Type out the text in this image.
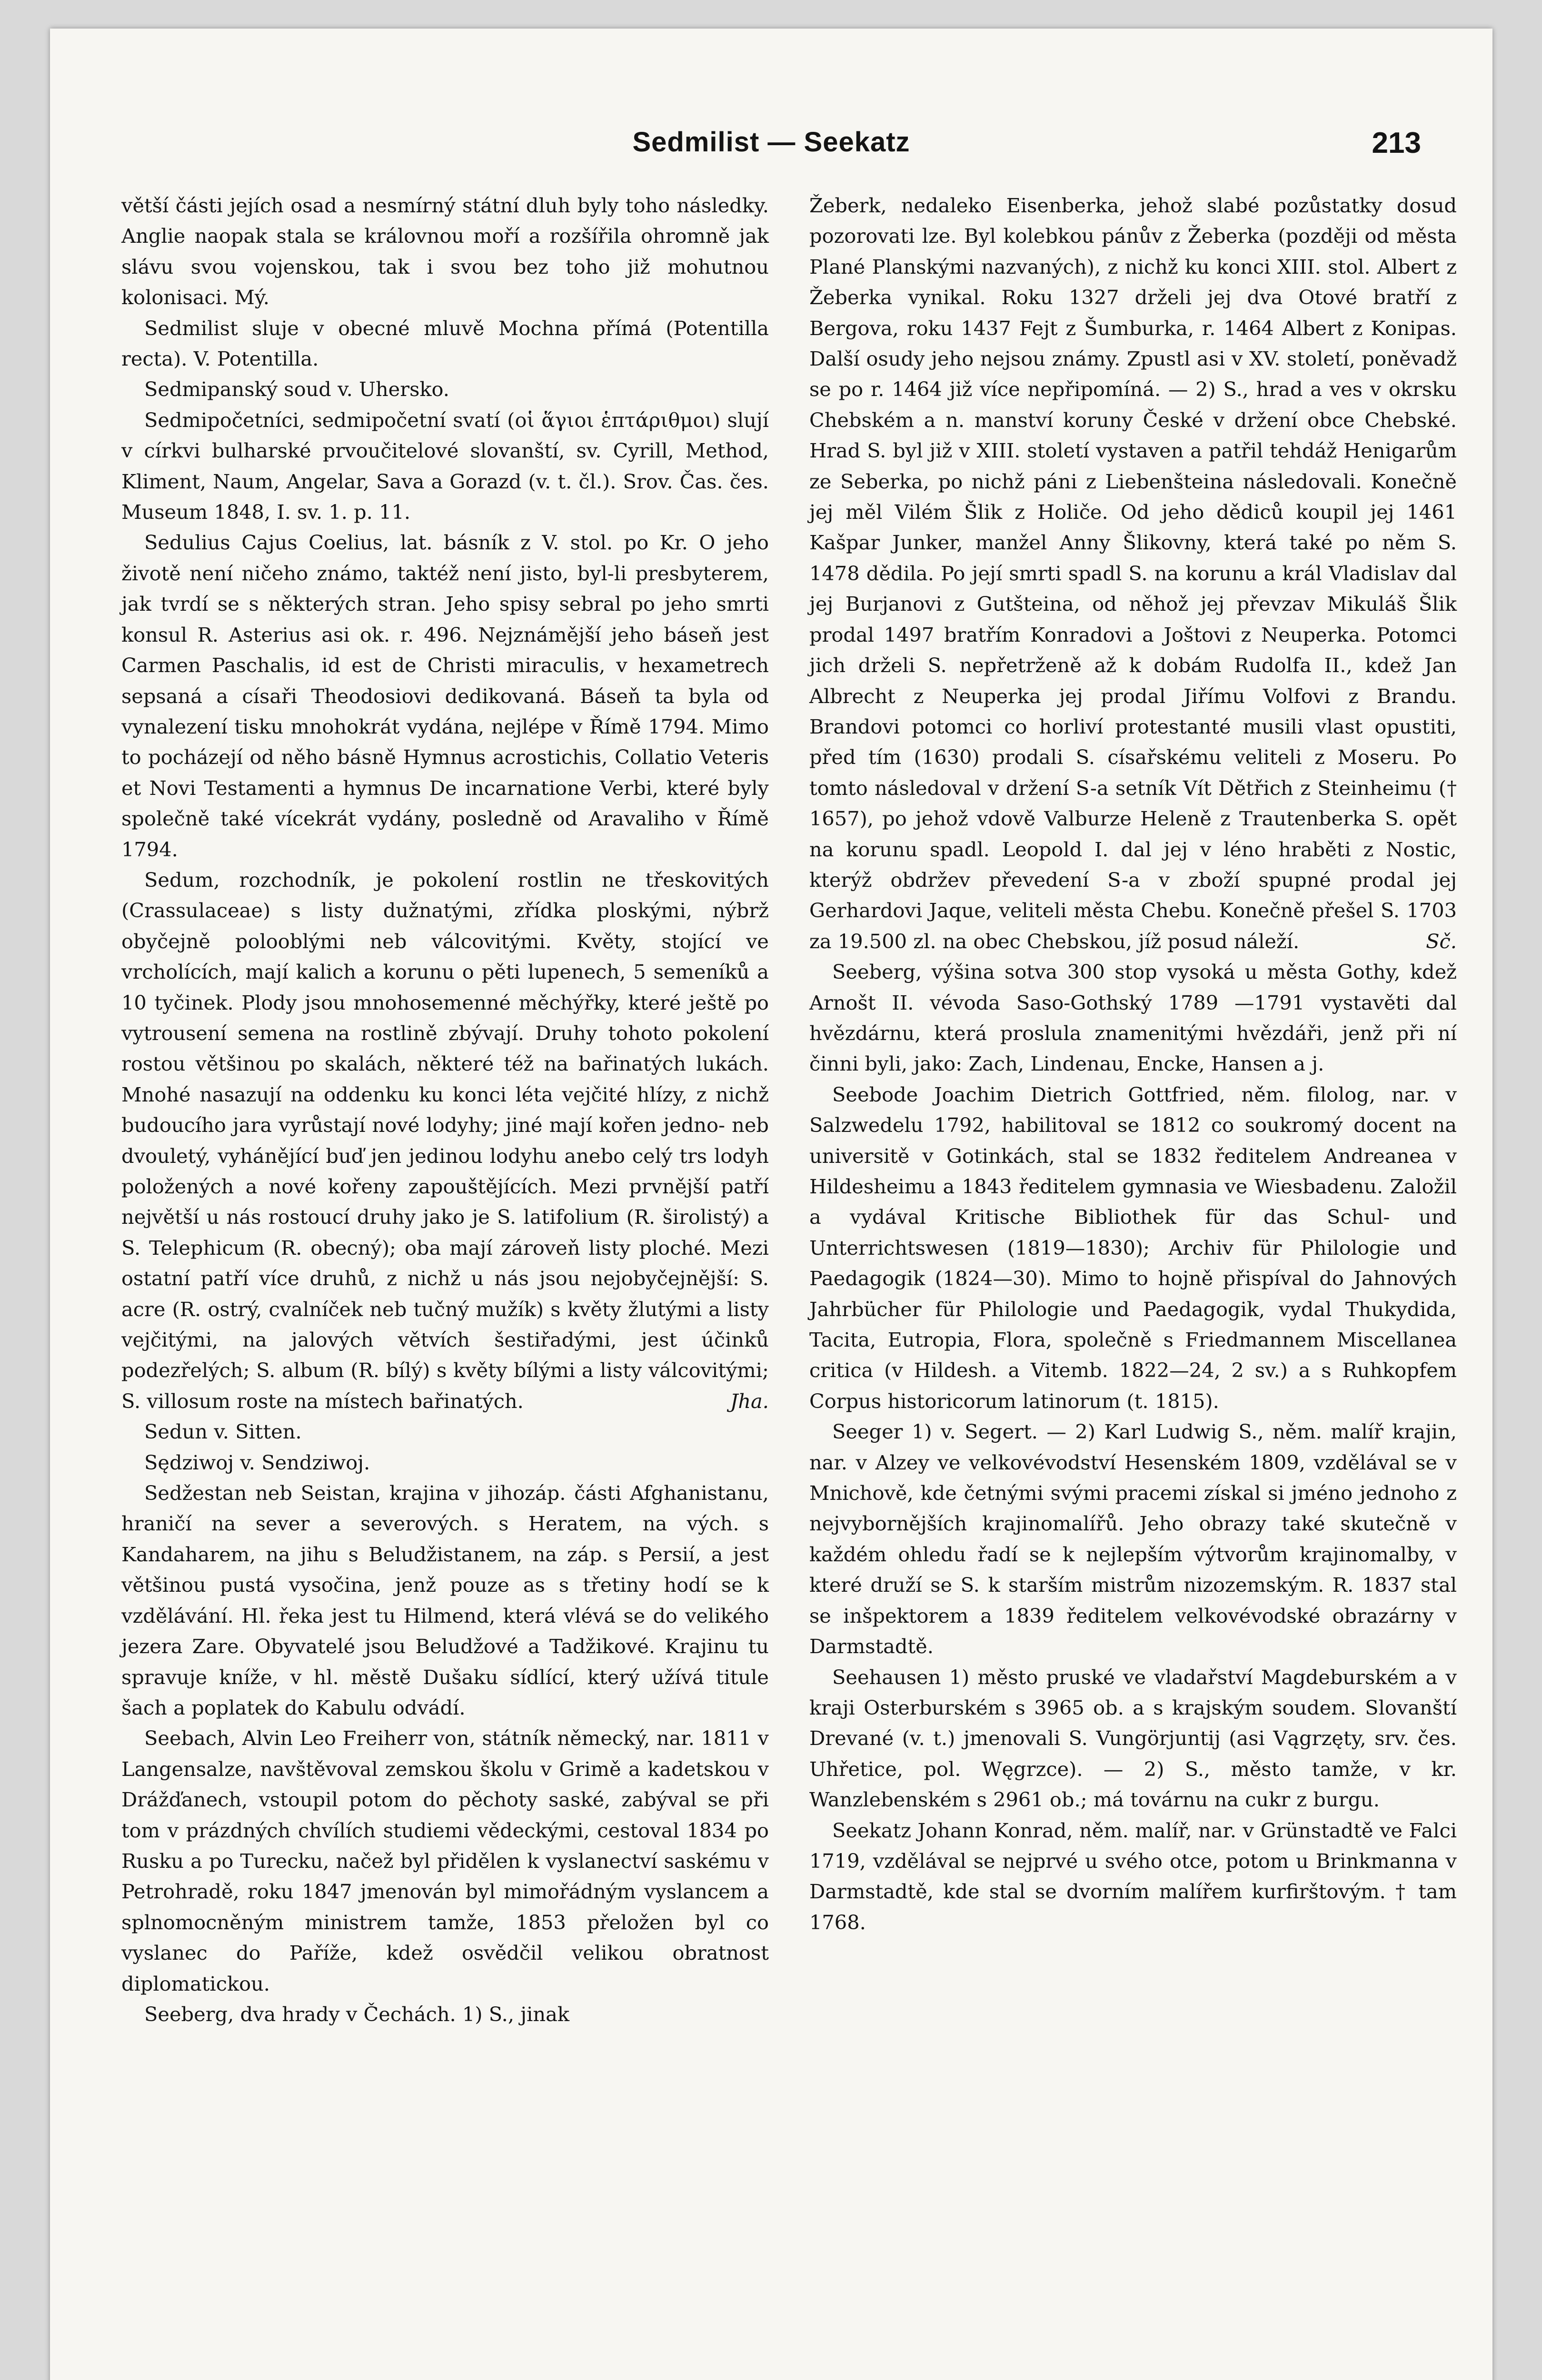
Sedmilist — Seekatz	213

větší části jejích osad a nesmírný státní dluh byly toho následky. Anglie naopak stala se královnou moří a rozšířila ohromně jak slávu svou vojenskou, tak i svou bez toho již mohutnou kolonisaci. Mý.

Sedmilist sluje v obecné mluvě Mochna přímá (Potentilla recta). V. Potentilla.

Sedmipanský soud v. Uhersko.

Sedmipočetníci, sedmipočetní svatí (οἱ ἅγιοι ἑπτάριθμοι) slují v církvi bulharské prvoučitelové slovanští, sv. Cyrill, Method, Kliment, Naum, Angelar, Sava a Gorazd (v. t. čl.). Srov. Čas. čes. Museum 1848, I. sv. 1. p. 11.

Sedulius Cajus Coelius, lat. básník z V. stol. po Kr. O jeho životě není ničeho známo, taktéž není jisto, byl-li presbyterem, jak tvrdí se s některých stran. Jeho spisy sebral po jeho smrti konsul R. Asterius asi ok. r. 496. Nejznámější jeho báseň jest Carmen Paschalis, id est de Christi miraculis, v hexametrech sepsaná a císaři Theodosiovi dedikovaná. Báseň ta byla od vynalezení tisku mnohokrát vydána, nejlépe v Římě 1794. Mimo to pocházejí od něho básně Hymnus acrostichis, Collatio Veteris et Novi Testamenti a hymnus De incarnatione Verbi, které byly společně také vícekrát vydány, posledně od Aravaliho v Římě 1794.

Sedum, rozchodník, je pokolení rostlin ne třeskovitých (Crassulaceae) s listy dužnatými, zřídka ploskými, nýbrž obyčejně polooblými neb válcovitými. Květy, stojící ve vrcholících, mají kalich a korunu o pěti lupenech, 5 semeníků a 10 tyčinek. Plody jsou mnohosemenné měchýřky, které ještě po vytrousení semena na rostlině zbývají. Druhy tohoto pokolení rostou většinou po skalách, některé též na bařinatých lukách. Mnohé nasazují na oddenku ku konci léta vejčité hlízy, z nichž budoucího jara vyrůstají nové lodyhy; jiné mají kořen jedno- neb dvouletý, vyhánějící buď jen jedinou lodyhu anebo celý trs lodyh položených a nové kořeny zapouštějících. Mezi prvnější patří největší u nás rostoucí druhy jako je S. latifolium (R. širolistý) a S. Telephicum (R. obecný); oba mají zároveň listy ploché. Mezi ostatní patří více druhů, z nichž u nás jsou nejobyčejnější: S. acre (R. ostrý, cvalníček neb tučný mužík) s květy žlutými a listy vejčitými, na jalových větvích šestiřadými, jest účinků podezřelých; S. album (R. bílý) s květy bílými a listy válcovitými; S. villosum roste na místech bařinatých.	Jha.

Sedun v. Sitten.

Sędziwoj v. Sendziwoj.

Sedžestan neb Seistan, krajina v jihozáp. části Afghanistanu, hraničí na sever a severových. s Heratem, na vých. s Kandaharem, na jihu s Beludžistanem, na záp. s Persií, a jest většinou pustá vysočina, jenž pouze as s třetiny hodí se k vzdělávání. Hl. řeka jest tu Hilmend, která vlévá se do velikého jezera Zare. Obyvatelé jsou Beludžové a Tadžikové. Krajinu tu spravuje kníže, v hl. městě Dušaku sídlící, který užívá titule šach a poplatek do Kabulu odvádí.

Seebach, Alvin Leo Freiherr von, státník německý, nar. 1811 v Langensalze, navštěvoval zemskou školu v Grimě a kadetskou v Drážďanech, vstoupil potom do pěchoty saské, zabýval se při tom v prázdných chvílích studiemi vědeckými, cestoval 1834 po Rusku a po Turecku, načež byl přidělen k vyslanectví saskému v Petrohradě, roku 1847 jmenován byl mimořádným vyslancem a splnomocněným ministrem tamže, 1853 přeložen byl co vyslanec do Paříže, kdež osvědčil velikou obratnost diplomatickou.

Seeberg, dva hrady v Čechách. 1) S., jinak

Žeberk, nedaleko Eisenberka, jehož slabé pozůstatky dosud pozorovati lze. Byl kolebkou pánův z Žeberka (později od města Plané Planskými nazvaných), z nichž ku konci XIII. stol. Albert z Žeberka vynikal. Roku 1327 drželi jej dva Otové bratří z Bergova, roku 1437 Fejt z Šumburka, r. 1464 Albert z Konipas. Další osudy jeho nejsou známy. Zpustl asi v XV. století, poněvadž se po r. 1464 již více nepřipomíná. — 2) S., hrad a ves v okrsku Chebském a n. manství koruny České v držení obce Chebské. Hrad S. byl již v XIII. století vystaven a patřil tehdáž Henigarům ze Seberka, po nichž páni z Liebenšteina následovali. Konečně jej měl Vilém Šlik z Holiče. Od jeho dědiců koupil jej 1461 Kašpar Junker, manžel Anny Šlikovny, která také po něm S. 1478 dědila. Po její smrti spadl S. na korunu a král Vladislav dal jej Burjanovi z Gutšteina, od něhož jej převzav Mikuláš Šlik prodal 1497 bratřím Konradovi a Joštovi z Neuperka. Potomci jich drželi S. nepřetrženě až k dobám Rudolfa II., kdež Jan Albrecht z Neuperka jej prodal Jiřímu Volfovi z Brandu. Brandovi potomci co horliví protestanté musili vlast opustiti, před tím (1630) prodali S. císařskému veliteli z Moseru. Po tomto následoval v držení S-a setník Vít Dětřich z Steinheimu († 1657), po jehož vdově Valburze Heleně z Trautenberka S. opět na korunu spadl. Leopold I. dal jej v léno hraběti z Nostic, kterýž obdržev převedení S-a v zboží spupné prodal jej Gerhardovi Jaque, veliteli města Chebu. Konečně přešel S. 1703 za 19.500 zl. na obec Chebskou, jíž posud náleží.	Sč.

Seeberg, výšina sotva 300 stop vysoká u města Gothy, kdež Arnošt II. vévoda Saso-Gothský 1789 —1791 vystavěti dal hvězdárnu, která proslula znamenitými hvězdáři, jenž při ní činni byli, jako: Zach, Lindenau, Encke, Hansen a j.

Seebode Joachim Dietrich Gottfried, něm. filolog, nar. v Salzwedelu 1792, habilitoval se 1812 co soukromý docent na universitě v Gotinkách, stal se 1832 ředitelem Andreanea v Hildesheimu a 1843 ředitelem gymnasia ve Wiesbadenu. Založil a vydával Kritische Bibliothek für das Schul- und Unterrichtswesen (1819—1830); Archiv für Philologie und Paedagogik (1824—30). Mimo to hojně přispíval do Jahnových Jahrbücher für Philologie und Paedagogik, vydal Thukydida, Tacita, Eutropia, Flora, společně s Friedmannem Miscellanea critica (v Hildesh. a Vitemb. 1822—24, 2 sv.) a s Ruhkopfem Corpus historicorum latinorum (t. 1815).

Seeger 1) v. Segert. — 2) Karl Ludwig S., něm. malíř krajin, nar. v Alzey ve velkovévodství Hesenském 1809, vzdělával se v Mnichově, kde četnými svými pracemi získal si jméno jednoho z nejvybornějších krajinomalířů. Jeho obrazy také skutečně v každém ohledu řadí se k nejlepším výtvorům krajinomalby, v které druží se S. k starším mistrům nizozemským. R. 1837 stal se inšpektorem a 1839 ředitelem velkovévodské obrazárny v Darmstadtě.

Seehausen 1) město pruské ve vladařství Magdeburském a v kraji Osterburském s 3965 ob. a s krajským soudem. Slovanští Drevané (v. t.) jmenovali S. Vungörjuntij (asi Vągrzęty, srv. čes. Uhřetice, pol. Węgrzce). — 2) S., město tamže, v kr. Wanzlebenském s 2961 ob.; má továrnu na cukr z burgu.

Seekatz Johann Konrad, něm. malíř, nar. v Grünstadtě ve Falci 1719, vzdělával se nejprvé u svého otce, potom u Brinkmanna v Darmstadtě, kde stal se dvorním malířem kurfirštovým. † tam 1768.
